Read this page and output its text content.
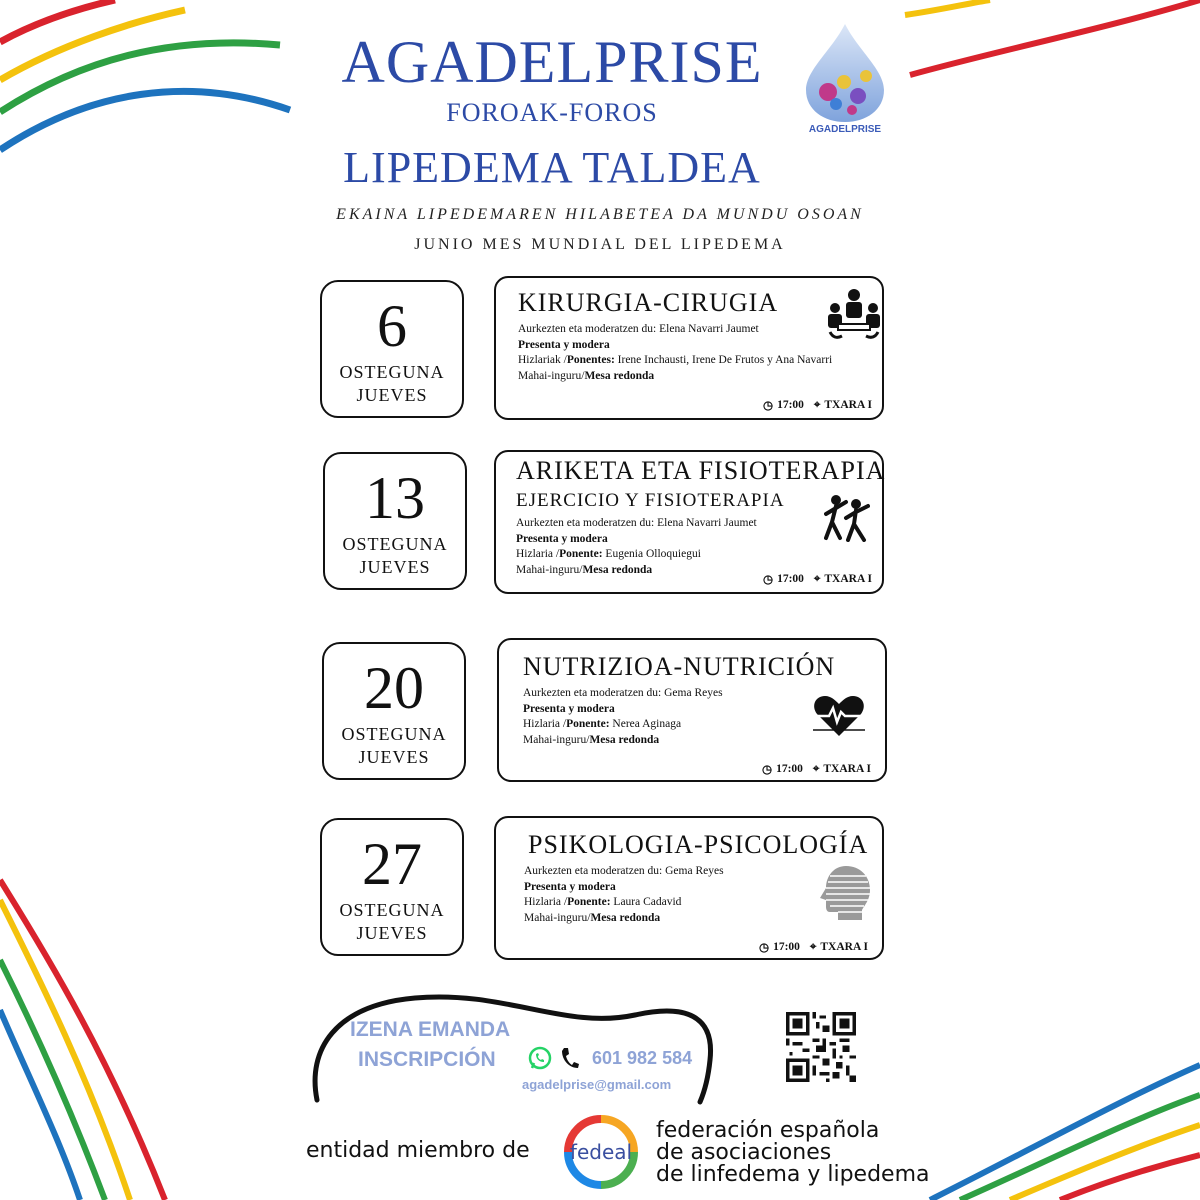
AGADELPRISE
FOROAK-FOROS
LIPEDEMA TALDEA
EKAINA LIPEDEMAREN HILABETEA DA MUNDU OSOAN
JUNIO MES MUNDIAL DEL LIPEDEMA
AGADELPRISE
6
OSTEGUNA
JUEVES
KIRURGIA-CIRUGIA
Aurkezten eta moderatzen du: Elena Navarri Jaumet
Presenta y modera
Hizlariak /Ponentes: Irene Inchausti, Irene De Frutos y Ana Navarri
Mahai-inguru/Mesa redonda
◷ 17:00 ⌖ TXARA I
13
OSTEGUNA
JUEVES
ARIKETA ETA FISIOTERAPIA
EJERCICIO Y FISIOTERAPIA
Aurkezten eta moderatzen du: Elena Navarri Jaumet
Presenta y modera
Hizlaria /Ponente: Eugenia Olloquiegui
Mahai-inguru/Mesa redonda
◷ 17:00 ⌖ TXARA I
20
OSTEGUNA
JUEVES
NUTRIZIOA-NUTRICIÓN
Aurkezten eta moderatzen du: Gema Reyes
Presenta y modera
Hizlaria /Ponente: Nerea Aginaga
Mahai-inguru/Mesa redonda
◷ 17:00 ⌖ TXARA I
27
OSTEGUNA
JUEVES
PSIKOLOGIA-PSICOLOGÍA
Aurkezten eta moderatzen du: Gema Reyes
Presenta y modera
Hizlaria /Ponente: Laura Cadavid
Mahai-inguru/Mesa redonda
◷ 17:00 ⌖ TXARA I
IZENA EMANDA
INSCRIPCIÓN	601 982 584
agadelprise@gmail.com
entidad miembro de fedeal
federación española
de asociaciones
de linfedema y lipedema
